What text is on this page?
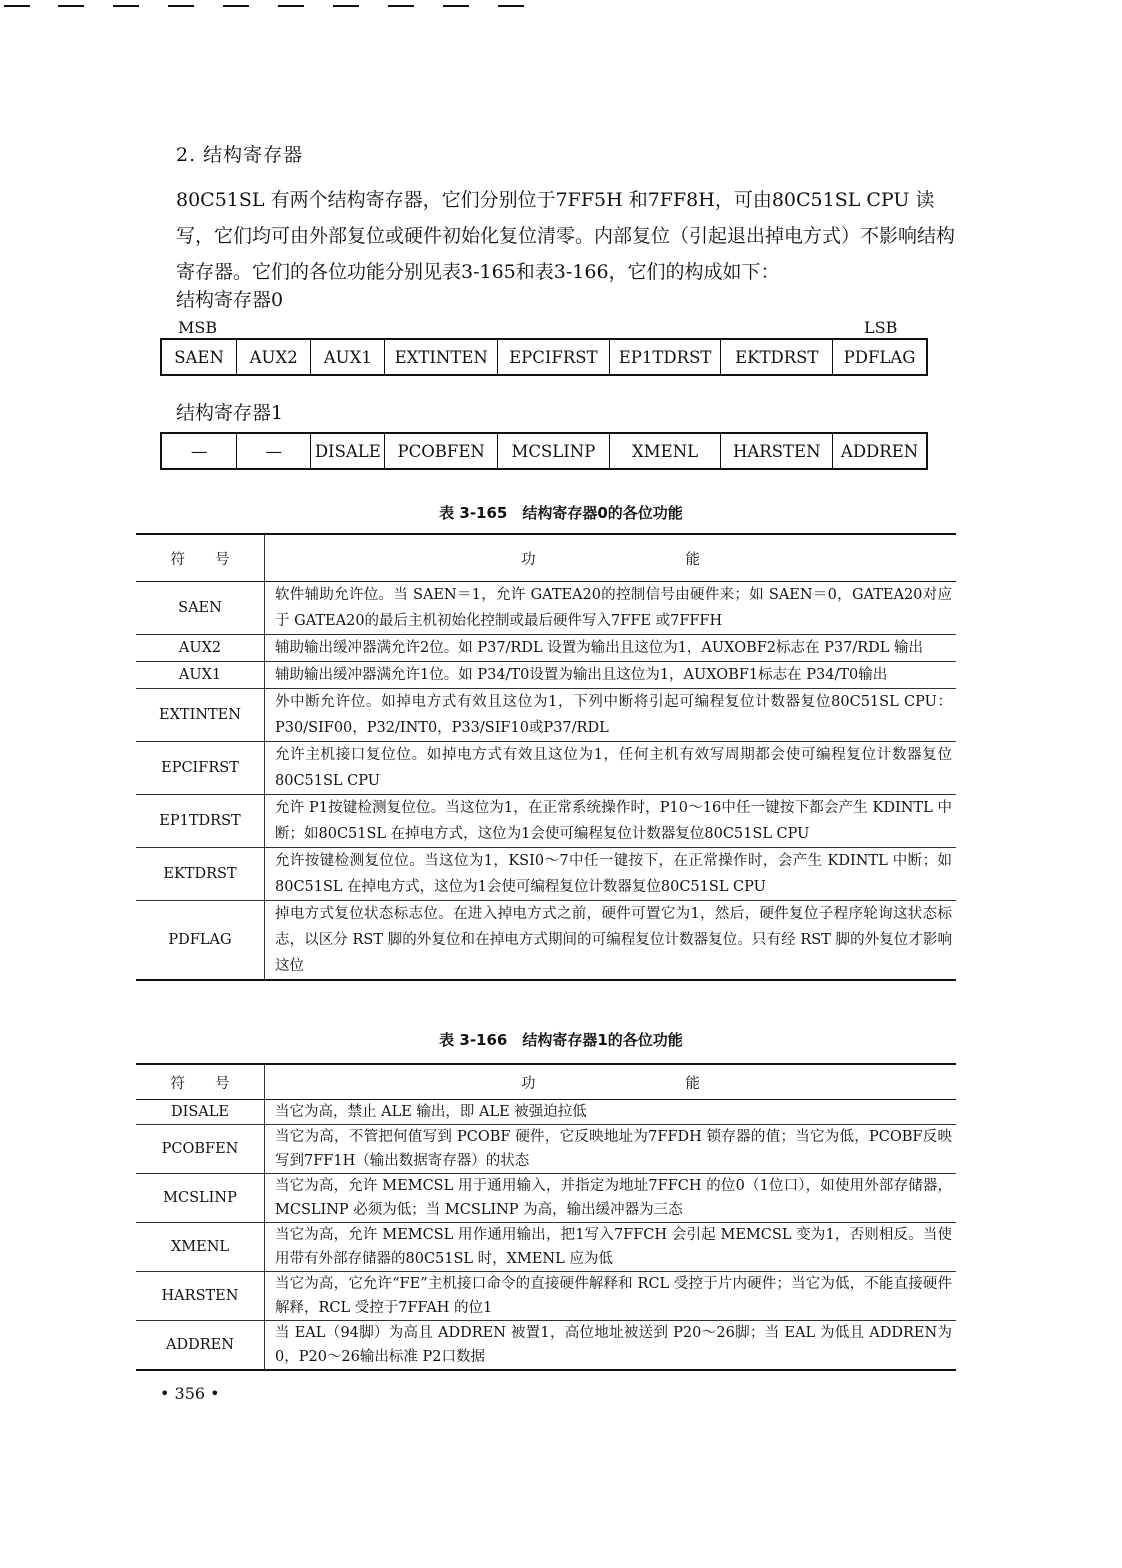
2. 结构寄存器
80C51SL 有两个结构寄存器，它们分别位于7FF5H 和7FF8H，可由80C51SL CPU 读写，它们均可由外部复位或硬件初始化复位清零。内部复位（引起退出掉电方式）不影响结构寄存器。它们的各位功能分别见表3-165和表3-166，它们的构成如下：
结构寄存器0
MSB	LSB
SAEN	AUX2	AUX1	EXTINTEN	EPCIFRST	EP1TDRST	EKTDRST	PDFLAG
结构寄存器1
—	—	DISALE	PCOBFEN	MCSLINP	XMENL	HARSTEN	ADDREN
表 3-165　结构寄存器0的各位功能
符号	功能
SAEN	软件辅助允许位。当 SAEN＝1，允许 GATEA20的控制信号由硬件来；如 SAEN＝0，GATEA20对应于 GATEA20的最后主机初始化控制或最后硬件写入7FFE 或7FFFH
AUX2	辅助输出缓冲器满允许2位。如 P37/RDL 设置为输出且这位为1，AUXOBF2标志在 P37/RDL 输出
AUX1	辅助输出缓冲器满允许1位。如 P34/T0设置为输出且这位为1，AUXOBF1标志在 P34/T0输出
EXTINTEN	外中断允许位。如掉电方式有效且这位为1，下列中断将引起可编程复位计数器复位80C51SL CPU：P30/SIF00，P32/INT0，P33/SIF10或P37/RDL
EPCIFRST	允许主机接口复位位。如掉电方式有效且这位为1，任何主机有效写周期都会使可编程复位计数器复位80C51SL CPU
EP1TDRST	允许 P1按键检测复位位。当这位为1，在正常系统操作时，P10～16中任一键按下都会产生 KDINTL 中断；如80C51SL 在掉电方式，这位为1会使可编程复位计数器复位80C51SL CPU
EKTDRST	允许按键检测复位位。当这位为1，KSI0～7中任一键按下，在正常操作时，会产生 KDINTL 中断；如80C51SL 在掉电方式，这位为1会使可编程复位计数器复位80C51SL CPU
PDFLAG	掉电方式复位状态标志位。在进入掉电方式之前，硬件可置它为1，然后，硬件复位子程序轮询这状态标志，以区分 RST 脚的外复位和在掉电方式期间的可编程复位计数器复位。只有经 RST 脚的外复位才影响这位
表 3-166　结构寄存器1的各位功能
符号	功能
DISALE	当它为高，禁止 ALE 输出，即 ALE 被强迫拉低
PCOBFEN	当它为高，不管把何值写到 PCOBF 硬件，它反映地址为7FFDH 锁存器的值；当它为低，PCOBF反映写到7FF1H（输出数据寄存器）的状态
MCSLINP	当它为高，允许 MEMCSL 用于通用输入，并指定为地址7FFCH 的位0（1位口），如使用外部存储器，MCSLINP 必须为低；当 MCSLINP 为高，输出缓冲器为三态
XMENL	当它为高，允许 MEMCSL 用作通用输出，把1写入7FFCH 会引起 MEMCSL 变为1，否则相反。当使用带有外部存储器的80C51SL 时，XMENL 应为低
HARSTEN	当它为高，它允许“FE”主机接口命令的直接硬件解释和 RCL 受控于片内硬件；当它为低，不能直接硬件解释，RCL 受控于7FFAH 的位1
ADDREN	当 EAL（94脚）为高且 ADDREN 被置1，高位地址被送到 P20～26脚；当 EAL 为低且 ADDREN为0，P20～26输出标准 P2口数据
• 356 •
